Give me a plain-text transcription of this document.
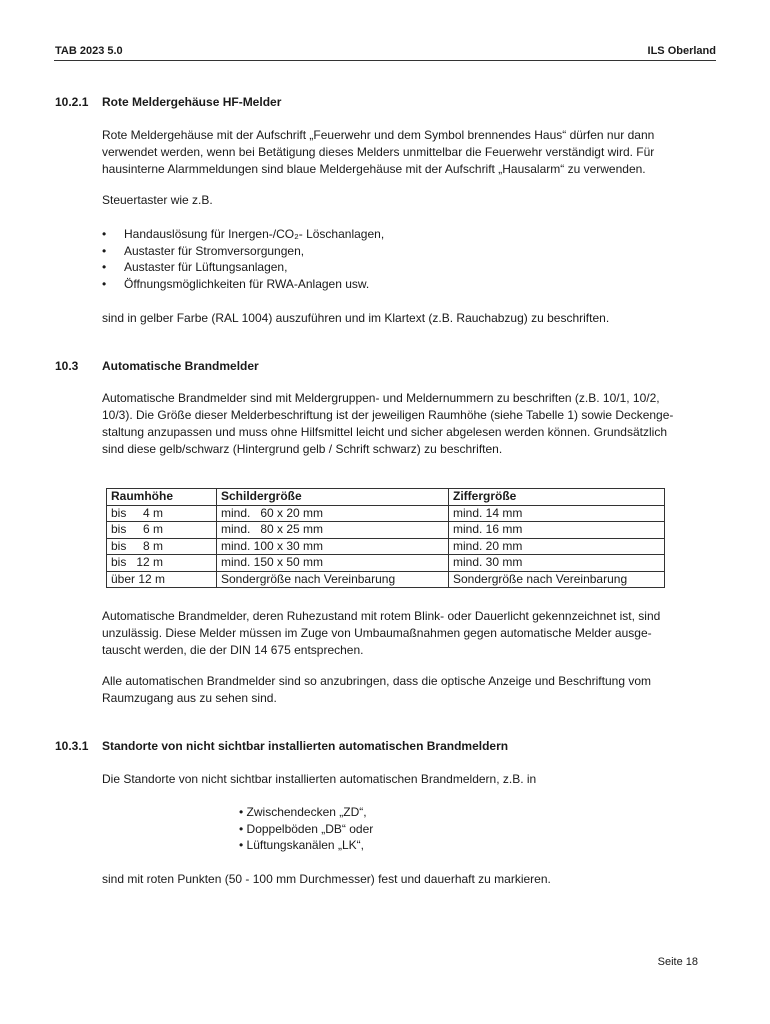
TAB 2023 5.0	ILS Oberland
10.2.1 Rote Meldergehäuse HF-Melder
Rote Meldergehäuse mit der Aufschrift „Feuerwehr und dem Symbol brennendes Haus“ dürfen nur dann
verwendet werden, wenn bei Betätigung dieses Melders unmittelbar die Feuerwehr verständigt wird. Für
hausinterne Alarmmeldungen sind blaue Meldergehäuse mit der Aufschrift „Hausalarm“ zu verwenden.
Steuertaster wie z.B.
• Handauslösung für Inergen-/CO₂- Löschanlagen,
• Austaster für Stromversorgungen,
• Austaster für Lüftungsanlagen,
• Öffnungsmöglichkeiten für RWA-Anlagen usw.
sind in gelber Farbe (RAL 1004) auszuführen und im Klartext (z.B. Rauchabzug) zu beschriften.
10.3 Automatische Brandmelder
Automatische Brandmelder sind mit Meldergruppen- und Meldernummern zu beschriften (z.B. 10/1, 10/2,
10/3). Die Größe dieser Melderbeschriftung ist der jeweiligen Raumhöhe (siehe Tabelle 1) sowie Deckenge-
staltung anzupassen und muss ohne Hilfsmittel leicht und sicher abgelesen werden können. Grundsätzlich
sind diese gelb/schwarz (Hintergrund gelb / Schrift schwarz) zu beschriften.
Raumhöhe	Schildergröße	Ziffergröße
bis     4 m	mind.   60 x 20 mm	mind. 14 mm
bis     6 m	mind.   80 x 25 mm	mind. 16 mm
bis     8 m	mind. 100 x 30 mm	mind. 20 mm
bis   12 m	mind. 150 x 50 mm	mind. 30 mm
über 12 m	Sondergröße nach Vereinbarung	Sondergröße nach Vereinbarung
Automatische Brandmelder, deren Ruhezustand mit rotem Blink- oder Dauerlicht gekennzeichnet ist, sind
unzulässig. Diese Melder müssen im Zuge von Umbaumaßnahmen gegen automatische Melder ausge-
tauscht werden, die der DIN 14 675 entsprechen.
Alle automatischen Brandmelder sind so anzubringen, dass die optische Anzeige und Beschriftung vom
Raumzugang aus zu sehen sind.
10.3.1 Standorte von nicht sichtbar installierten automatischen Brandmeldern
Die Standorte von nicht sichtbar installierten automatischen Brandmeldern, z.B. in
• Zwischendecken „ZD“,
• Doppelböden „DB“ oder
• Lüftungskanälen „LK“,
sind mit roten Punkten (50 - 100 mm Durchmesser) fest und dauerhaft zu markieren.
Seite 18
